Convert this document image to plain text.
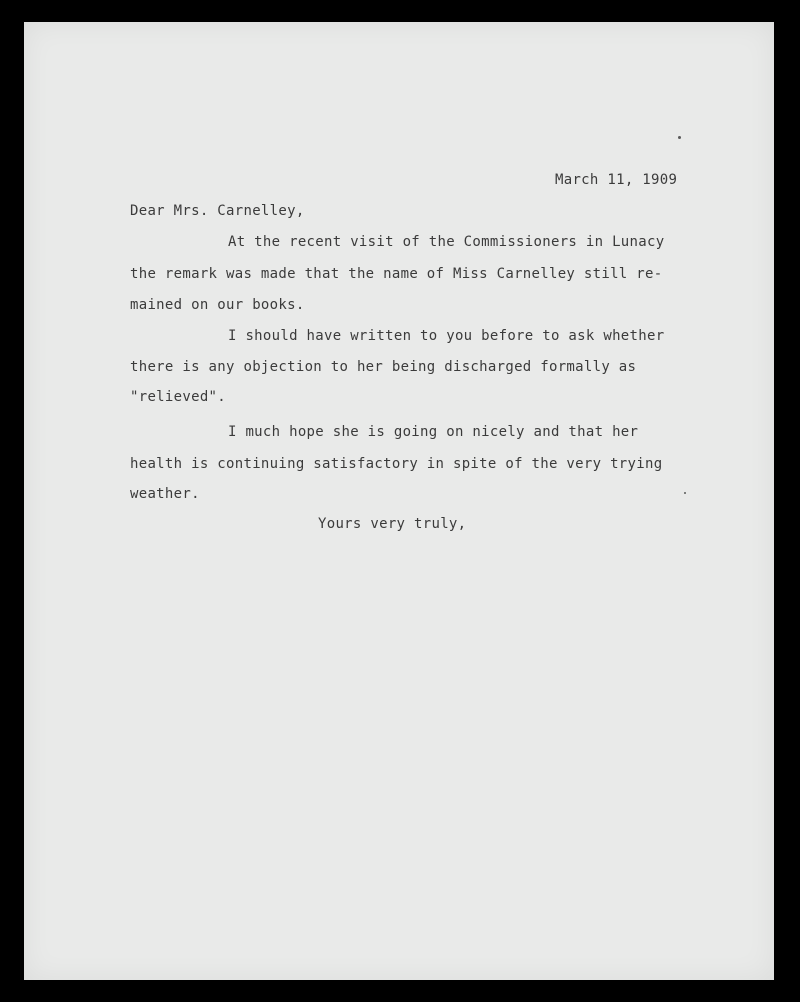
March 11, 1909
Dear Mrs. Carnelley,
At the recent visit of the Commissioners in Lunacy
the remark was made that the name of Miss Carnelley still re-
mained on our books.
I should have written to you before to ask whether
there is any objection to her being discharged formally as
"relieved".
I much hope she is going on nicely and that her
health is continuing satisfactory in spite of the very trying
weather.
Yours very truly,
